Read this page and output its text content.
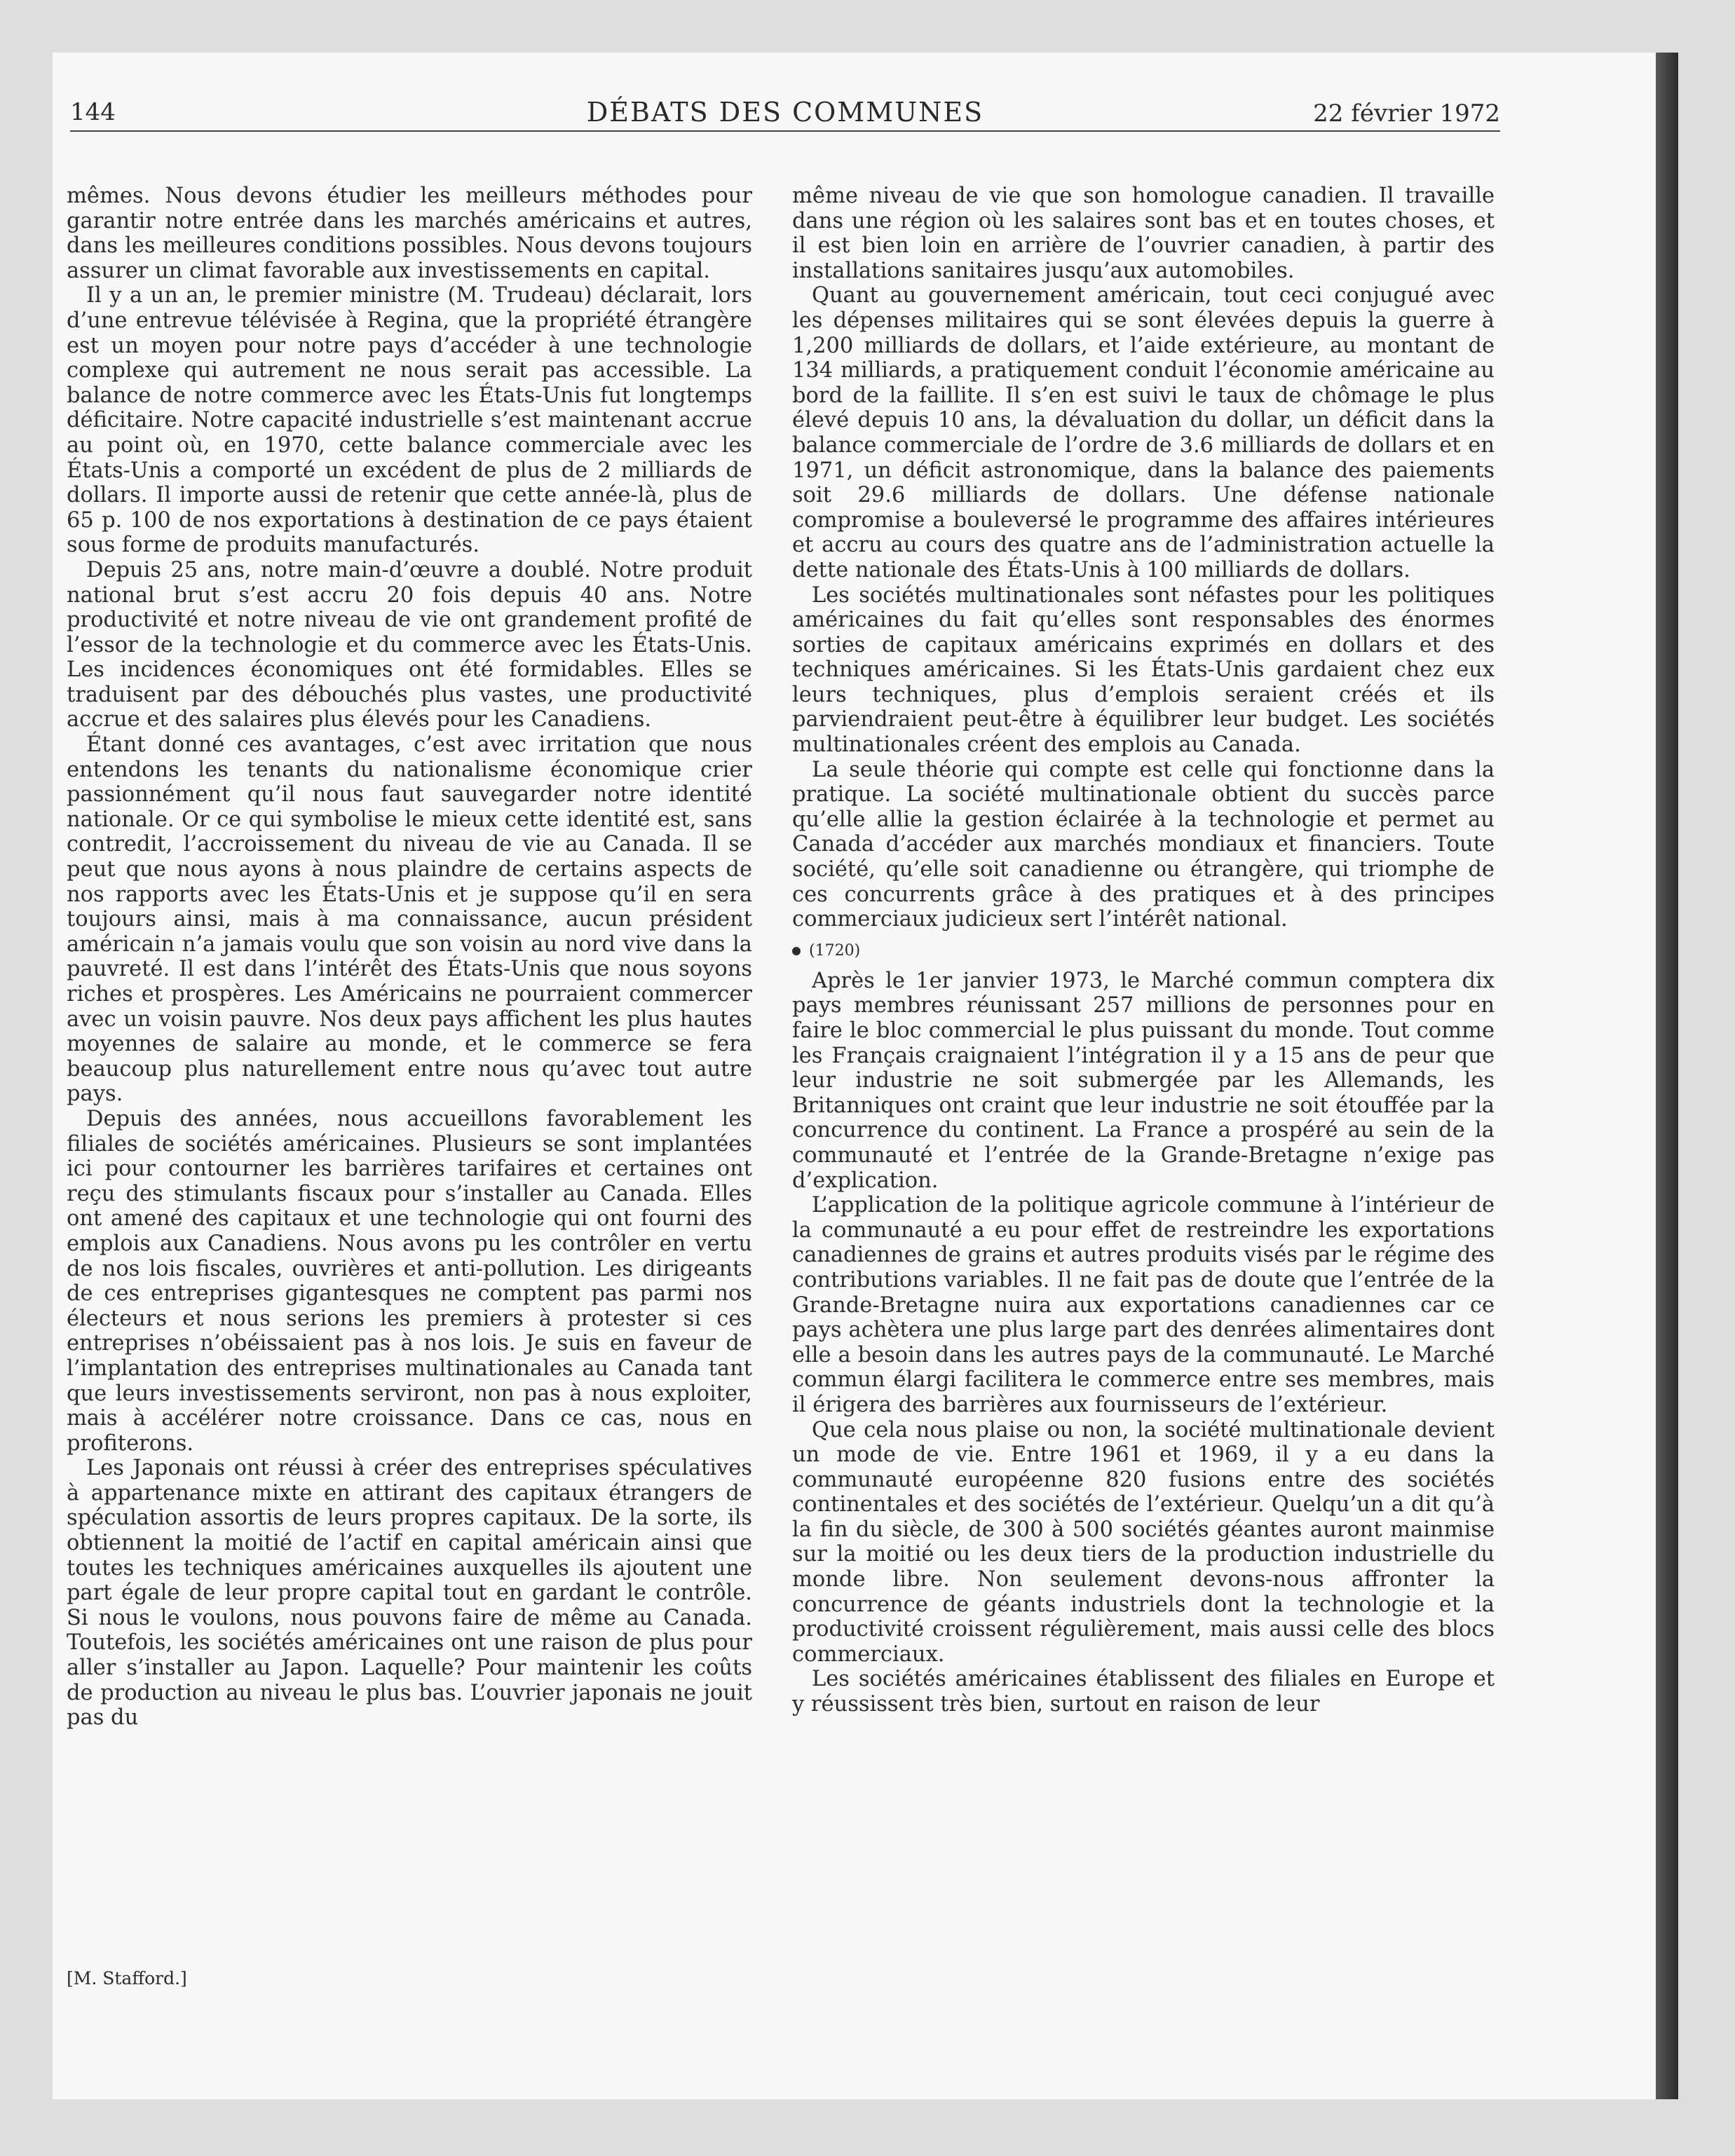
144	DÉBATS DES COMMUNES	22 février 1972

mêmes. Nous devons étudier les meilleurs méthodes pour garantir notre entrée dans les marchés américains et autres, dans les meilleures conditions possibles. Nous devons toujours assurer un climat favorable aux investissements en capital.

Il y a un an, le premier ministre (M. Trudeau) déclarait, lors d’une entrevue télévisée à Regina, que la propriété étrangère est un moyen pour notre pays d’accéder à une technologie complexe qui autrement ne nous serait pas accessible. La balance de notre commerce avec les États-Unis fut longtemps déficitaire. Notre capacité industrielle s’est maintenant accrue au point où, en 1970, cette balance commerciale avec les États-Unis a comporté un excédent de plus de 2 milliards de dollars. Il importe aussi de retenir que cette année-là, plus de 65 p. 100 de nos exportations à destination de ce pays étaient sous forme de produits manufacturés.

Depuis 25 ans, notre main-d’œuvre a doublé. Notre produit national brut s’est accru 20 fois depuis 40 ans. Notre productivité et notre niveau de vie ont grandement profité de l’essor de la technologie et du commerce avec les États-Unis. Les incidences économiques ont été formidables. Elles se traduisent par des débouchés plus vastes, une productivité accrue et des salaires plus élevés pour les Canadiens.

Étant donné ces avantages, c’est avec irritation que nous entendons les tenants du nationalisme économique crier passionnément qu’il nous faut sauvegarder notre identité nationale. Or ce qui symbolise le mieux cette identité est, sans contredit, l’accroissement du niveau de vie au Canada. Il se peut que nous ayons à nous plaindre de certains aspects de nos rapports avec les États-Unis et je suppose qu’il en sera toujours ainsi, mais à ma connaissance, aucun président américain n’a jamais voulu que son voisin au nord vive dans la pauvreté. Il est dans l’intérêt des États-Unis que nous soyons riches et prospères. Les Américains ne pourraient commercer avec un voisin pauvre. Nos deux pays affichent les plus hautes moyennes de salaire au monde, et le commerce se fera beaucoup plus naturellement entre nous qu’avec tout autre pays.

Depuis des années, nous accueillons favorablement les filiales de sociétés américaines. Plusieurs se sont implantées ici pour contourner les barrières tarifaires et certaines ont reçu des stimulants fiscaux pour s’installer au Canada. Elles ont amené des capitaux et une technologie qui ont fourni des emplois aux Canadiens. Nous avons pu les contrôler en vertu de nos lois fiscales, ouvrières et anti-pollution. Les dirigeants de ces entreprises gigantesques ne comptent pas parmi nos électeurs et nous serions les premiers à protester si ces entreprises n’obéissaient pas à nos lois. Je suis en faveur de l’implantation des entreprises multinationales au Canada tant que leurs investissements serviront, non pas à nous exploiter, mais à accélérer notre croissance. Dans ce cas, nous en profiterons.

Les Japonais ont réussi à créer des entreprises spéculatives à appartenance mixte en attirant des capitaux étrangers de spéculation assortis de leurs propres capitaux. De la sorte, ils obtiennent la moitié de l’actif en capital américain ainsi que toutes les techniques américaines auxquelles ils ajoutent une part égale de leur propre capital tout en gardant le contrôle. Si nous le voulons, nous pouvons faire de même au Canada. Toutefois, les sociétés américaines ont une raison de plus pour aller s’installer au Japon. Laquelle? Pour maintenir les coûts de production au niveau le plus bas. L’ouvrier japonais ne jouit pas du

même niveau de vie que son homologue canadien. Il travaille dans une région où les salaires sont bas et en toutes choses, et il est bien loin en arrière de l’ouvrier canadien, à partir des installations sanitaires jusqu’aux automobiles.

Quant au gouvernement américain, tout ceci conjugué avec les dépenses militaires qui se sont élevées depuis la guerre à 1,200 milliards de dollars, et l’aide extérieure, au montant de 134 milliards, a pratiquement conduit l’économie américaine au bord de la faillite. Il s’en est suivi le taux de chômage le plus élevé depuis 10 ans, la dévaluation du dollar, un déficit dans la balance commerciale de l’ordre de 3.6 milliards de dollars et en 1971, un déficit astronomique, dans la balance des paiements soit 29.6 milliards de dollars. Une défense nationale compromise a bouleversé le programme des affaires intérieures et accru au cours des quatre ans de l’administration actuelle la dette nationale des États-Unis à 100 milliards de dollars.

Les sociétés multinationales sont néfastes pour les politiques américaines du fait qu’elles sont responsables des énormes sorties de capitaux américains exprimés en dollars et des techniques américaines. Si les États-Unis gardaient chez eux leurs techniques, plus d’emplois seraient créés et ils parviendraient peut-être à équilibrer leur budget. Les sociétés multinationales créent des emplois au Canada.

La seule théorie qui compte est celle qui fonctionne dans la pratique. La société multinationale obtient du succès parce qu’elle allie la gestion éclairée à la technologie et permet au Canada d’accéder aux marchés mondiaux et financiers. Toute société, qu’elle soit canadienne ou étrangère, qui triomphe de ces concurrents grâce à des pratiques et à des principes commerciaux judicieux sert l’intérêt national.

(1720)

Après le 1er janvier 1973, le Marché commun comptera dix pays membres réunissant 257 millions de personnes pour en faire le bloc commercial le plus puissant du monde. Tout comme les Français craignaient l’intégration il y a 15 ans de peur que leur industrie ne soit submergée par les Allemands, les Britanniques ont craint que leur industrie ne soit étouffée par la concurrence du continent. La France a prospéré au sein de la communauté et l’entrée de la Grande-Bretagne n’exige pas d’explication.

L’application de la politique agricole commune à l’intérieur de la communauté a eu pour effet de restreindre les exportations canadiennes de grains et autres produits visés par le régime des contributions variables. Il ne fait pas de doute que l’entrée de la Grande-Bretagne nuira aux exportations canadiennes car ce pays achètera une plus large part des denrées alimentaires dont elle a besoin dans les autres pays de la communauté. Le Marché commun élargi facilitera le commerce entre ses membres, mais il érigera des barrières aux fournisseurs de l’extérieur.

Que cela nous plaise ou non, la société multinationale devient un mode de vie. Entre 1961 et 1969, il y a eu dans la communauté européenne 820 fusions entre des sociétés continentales et des sociétés de l’extérieur. Quelqu’un a dit qu’à la fin du siècle, de 300 à 500 sociétés géantes auront mainmise sur la moitié ou les deux tiers de la production industrielle du monde libre. Non seulement devons-nous affronter la concurrence de géants industriels dont la technologie et la productivité croissent régulièrement, mais aussi celle des blocs commerciaux.

Les sociétés américaines établissent des filiales en Europe et y réussissent très bien, surtout en raison de leur

[M. Stafford.]
